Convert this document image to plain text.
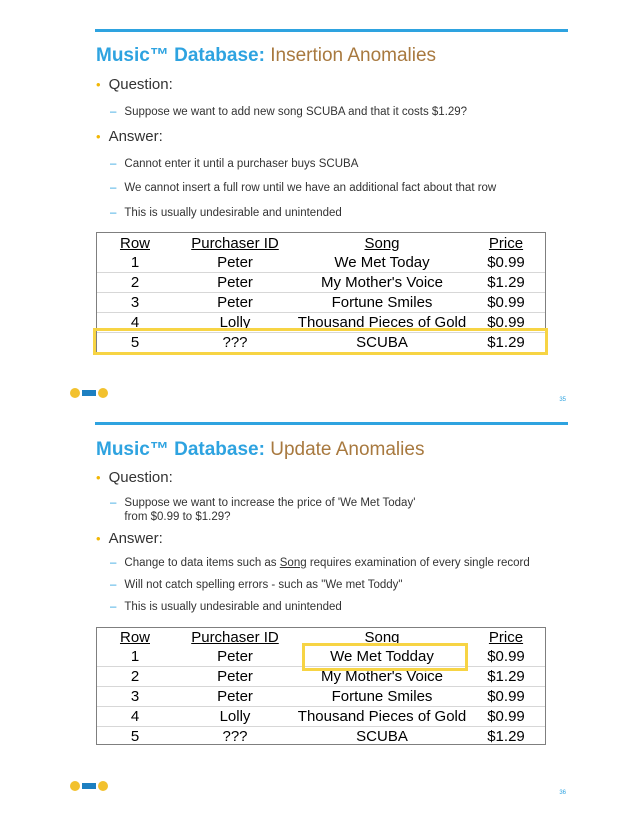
Music™ Database: Insertion Anomalies
• Question:
– Suppose we want to add new song SCUBA and that it costs $1.29?
• Answer:
– Cannot enter it until a purchaser buys SCUBA
– We cannot insert a full row until we have an additional fact about that row
– This is usually undesirable and unintended
Row	Purchaser ID	Song	Price
1	Peter	We Met Today	$0.99
2	Peter	My Mother's Voice	$1.29
3	Peter	Fortune Smiles	$0.99
4	Lolly	Thousand Pieces of Gold	$0.99
5	???	SCUBA	$1.29
35
Music™ Database: Update Anomalies
• Question:
– Suppose we want to increase the price of 'We Met Today'
from $0.99 to $1.29?
• Answer:
– Change to data items such as Song requires examination of every single record
– Will not catch spelling errors - such as "We met Toddy"
– This is usually undesirable and unintended
Row	Purchaser ID	Song	Price
1	Peter	We Met Todday	$0.99
2	Peter	My Mother's Voice	$1.29
3	Peter	Fortune Smiles	$0.99
4	Lolly	Thousand Pieces of Gold	$0.99
5	???	SCUBA	$1.29
36
